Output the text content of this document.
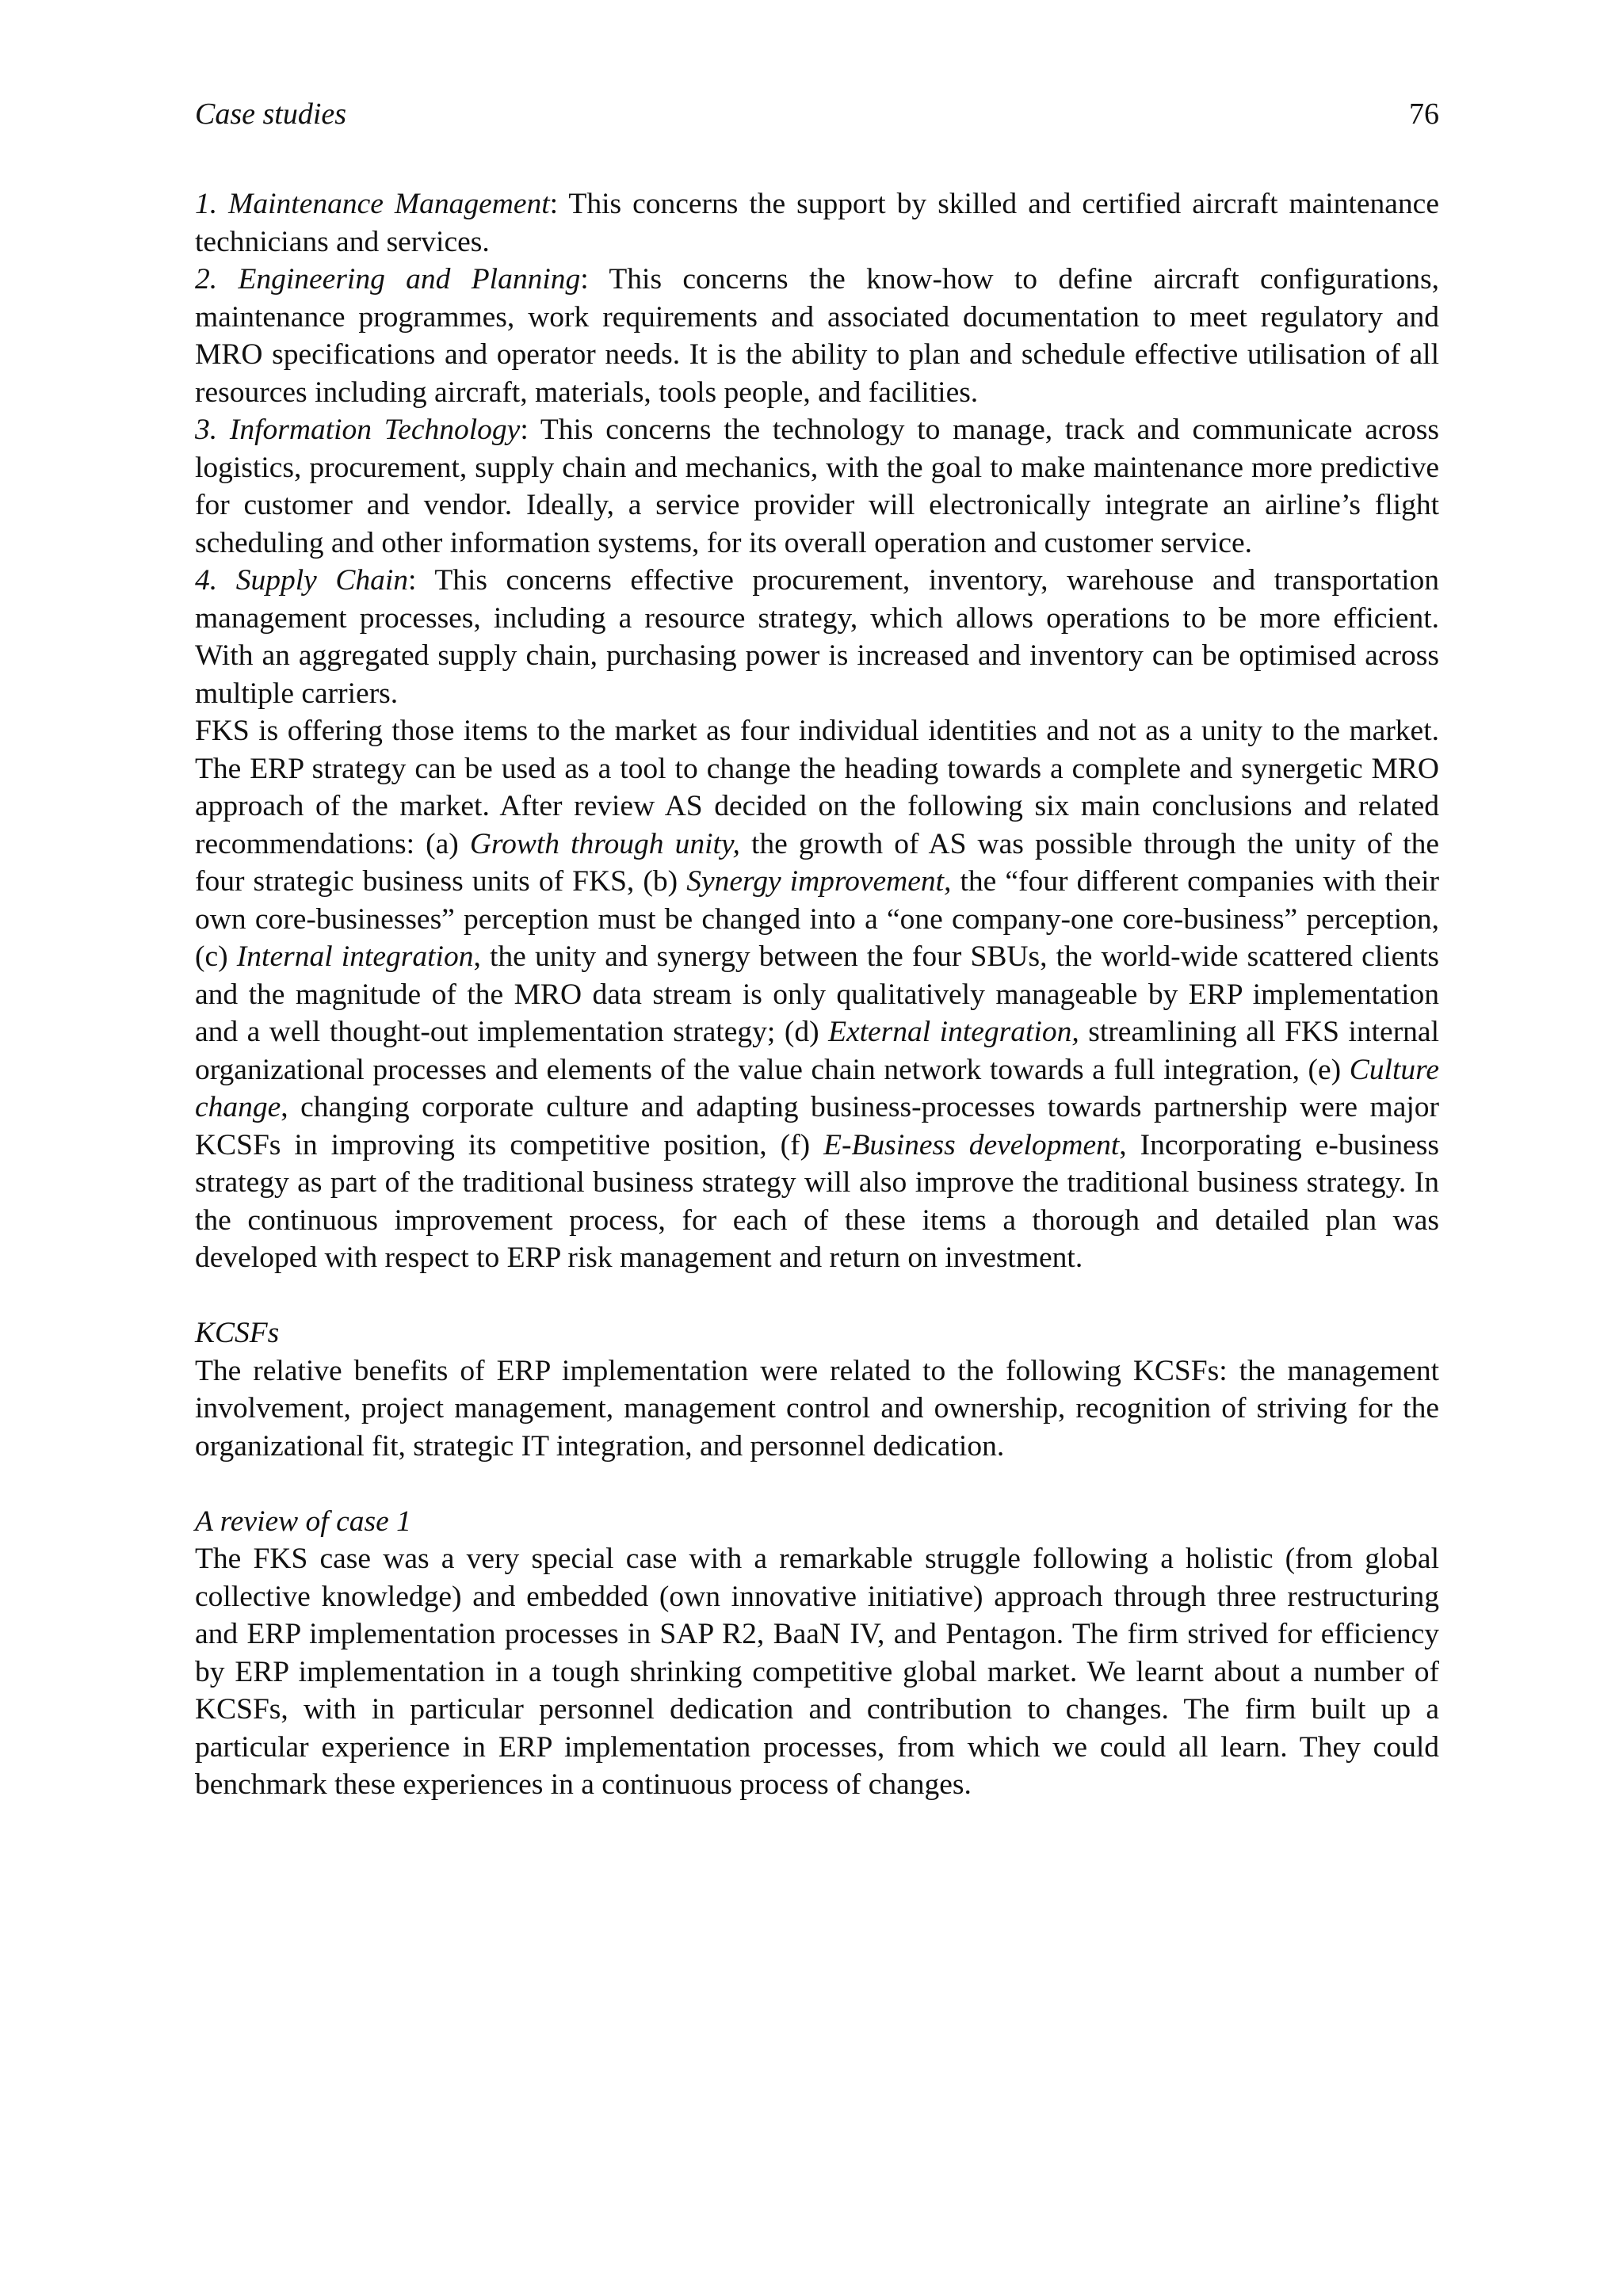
Case studies	76

1. Maintenance Management: This concerns the support by skilled and certified aircraft maintenance technicians and services.

2. Engineering and Planning: This concerns the know-how to define aircraft configurations, maintenance programmes, work requirements and associated documentation to meet regulatory and MRO specifications and operator needs. It is the ability to plan and schedule effective utilisation of all resources including aircraft, materials, tools people, and facilities.

3. Information Technology: This concerns the technology to manage, track and communicate across logistics, procurement, supply chain and mechanics, with the goal to make maintenance more predictive for customer and vendor. Ideally, a service provider will electronically integrate an airline’s flight scheduling and other information systems, for its overall operation and customer service.

4. Supply Chain: This concerns effective procurement, inventory, warehouse and transportation management processes, including a resource strategy, which allows operations to be more efficient. With an aggregated supply chain, purchasing power is increased and inventory can be optimised across multiple carriers.

FKS is offering those items to the market as four individual identities and not as a unity to the market. The ERP strategy can be used as a tool to change the heading towards a complete and synergetic MRO approach of the market. After review AS decided on the following six main conclusions and related recommendations: (a) Growth through unity, the growth of AS was possible through the unity of the four strategic business units of FKS, (b) Synergy improvement, the “four different companies with their own core-businesses” perception must be changed into a “one company-one core-business” perception, (c) Internal integration, the unity and synergy between the four SBUs, the world-wide scattered clients and the magnitude of the MRO data stream is only qualitatively manageable by ERP implementation and a well thought-out implementation strategy; (d) External integration, streamlining all FKS internal organizational processes and elements of the value chain network towards a full integration, (e) Culture change, changing corporate culture and adapting business-processes towards partnership were major KCSFs in improving its competitive position, (f) E-Business development, Incorporating e-business strategy as part of the traditional business strategy will also improve the traditional business strategy. In the continuous improvement process, for each of these items a thorough and detailed plan was developed with respect to ERP risk management and return on investment.

KCSFs

The relative benefits of ERP implementation were related to the following KCSFs: the management involvement, project management, management control and ownership, recognition of striving for the organizational fit, strategic IT integration, and personnel dedication.

A review of case 1

The FKS case was a very special case with a remarkable struggle following a holistic (from global collective knowledge) and embedded (own innovative initiative) approach through three restructuring and ERP implementation processes in SAP R2, BaaN IV, and Pentagon. The firm strived for efficiency by ERP implementation in a tough shrinking competitive global market. We learnt about a number of KCSFs, with in particular personnel dedication and contribution to changes. The firm built up a particular experience in ERP implementation processes, from which we could all learn. They could benchmark these experiences in a continuous process of changes.
